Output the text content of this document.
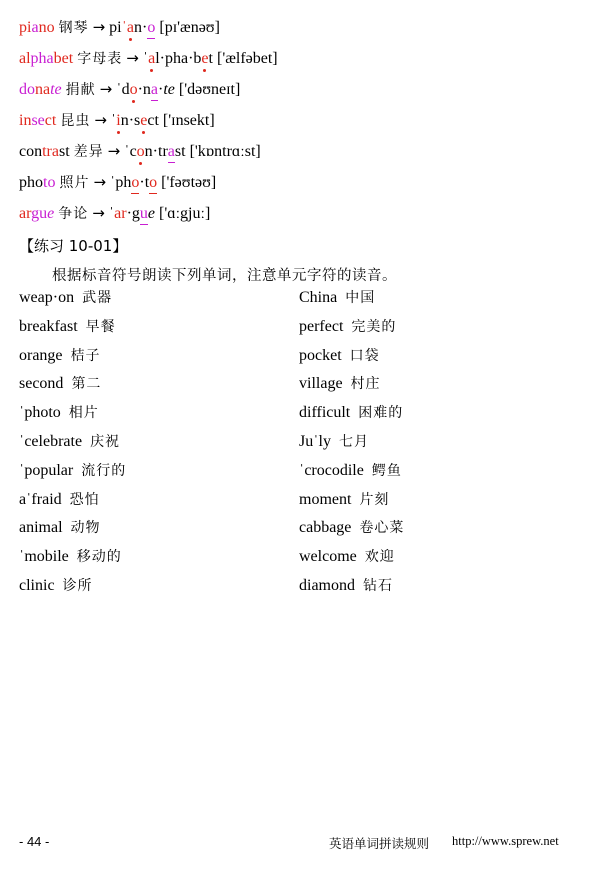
piano 钢琴 → piˈan·o [pɪ'ænəʊ]
alphabet 字母表 → ˈal·pha·bet ['ælfəbet]
donate 捐献 → ˈdo·na·te ['dəʊneɪt]
insect 昆虫 → ˈin·sect ['ɪnsekt]
contrast 差异 → ˈcon·trast ['kɒntrɑːst]
photo 照片 → ˈpho·to ['fəʊtəʊ]
argue 争论 → ˈar·gue ['ɑːgjuː]
【练习 10-01】
根据标音符号朗读下列单词，注意单元字符的读音。
weap·on 武器
breakfast 早餐
orange 桔子
second 第二
ˈphoto 相片
ˈcelebrate 庆祝
ˈpopular 流行的
aˈfraid 恐怕
animal 动物
ˈmobile 移动的
clinic 诊所
China 中国
perfect 完美的
pocket 口袋
village 村庄
difficult 困难的
Juˈly 七月
ˈcrocodile 鳄鱼
moment 片刻
cabbage 卷心菜
welcome 欢迎
diamond 钻石
- 44 -	英语单词拼读规则 http://www.sprew.net
